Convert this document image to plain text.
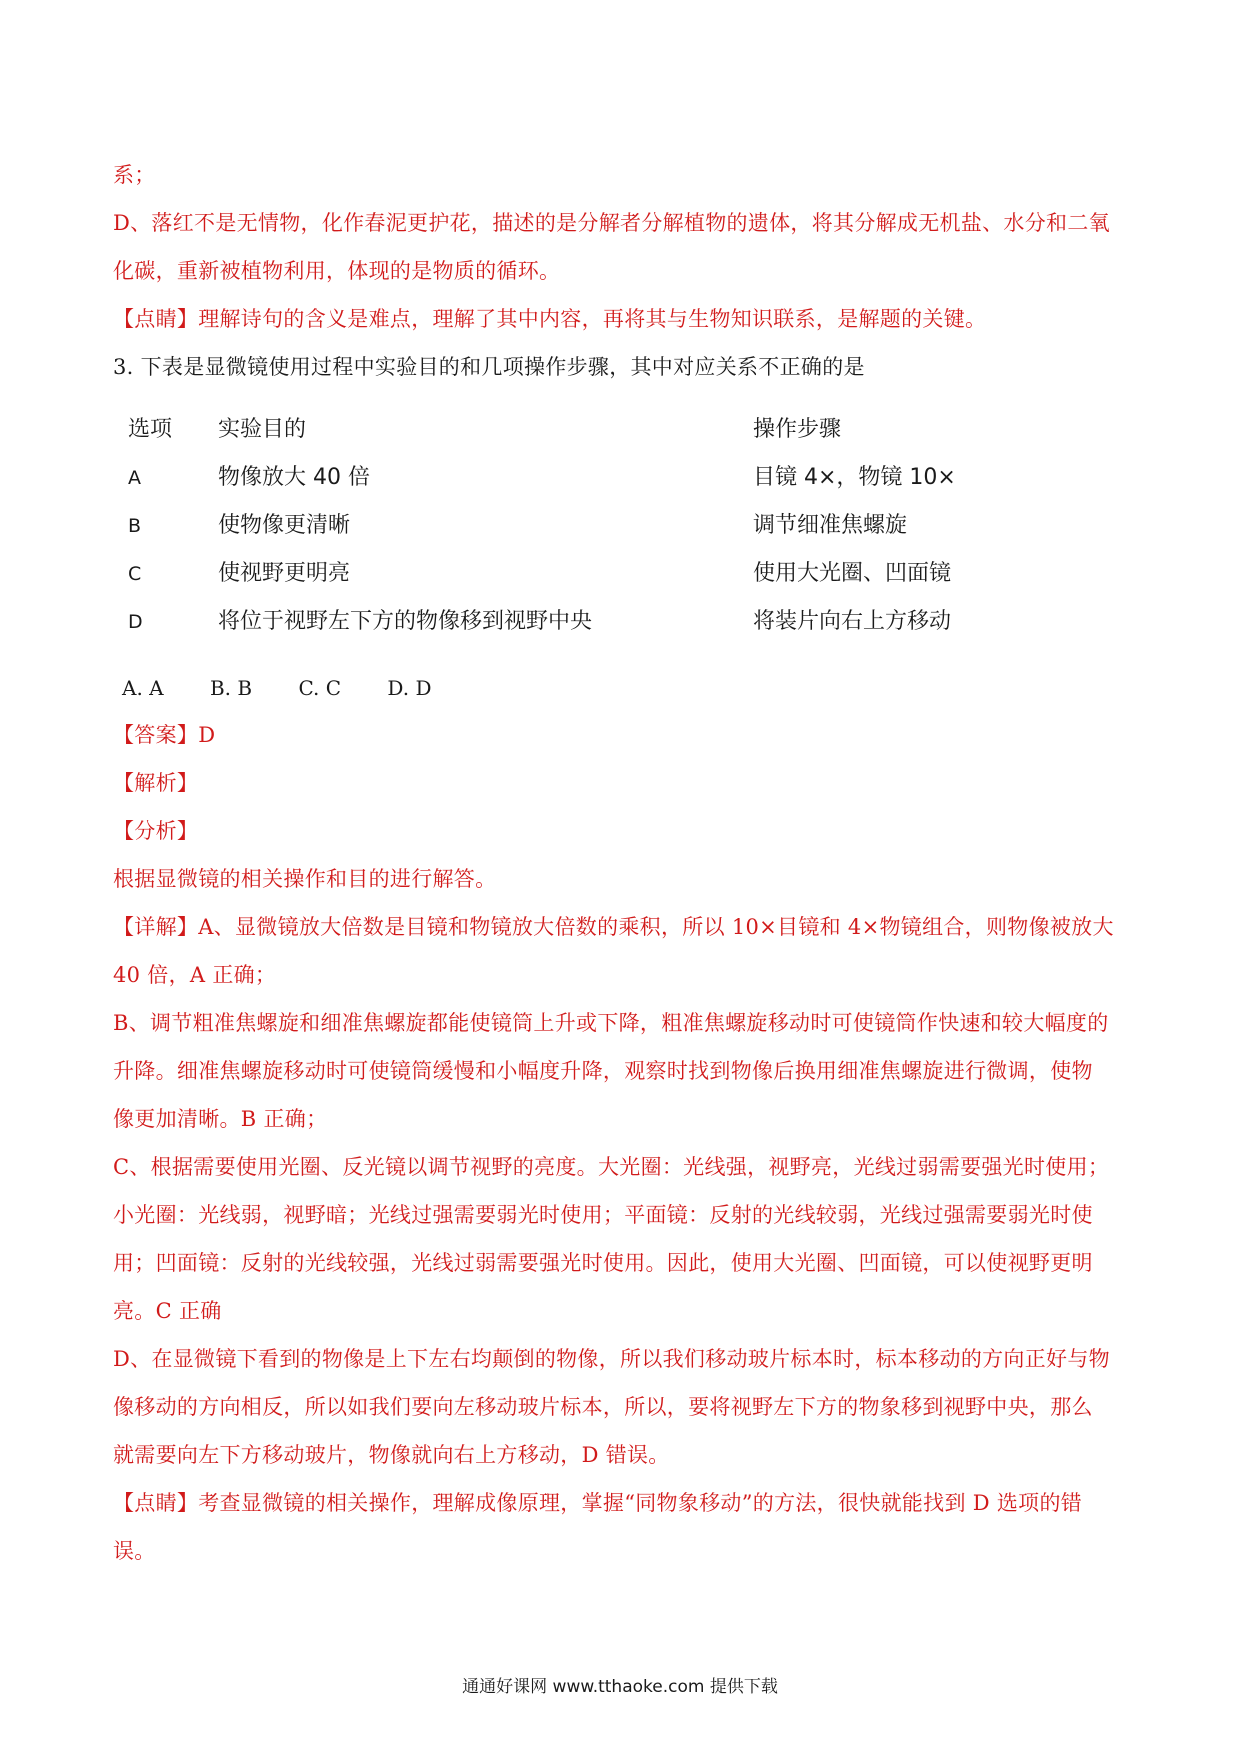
系；
D、落红不是无情物，化作春泥更护花，描述的是分解者分解植物的遗体，将其分解成无机盐、水分和二氧
化碳，重新被植物利用，体现的是物质的循环。
【点睛】理解诗句的含义是难点，理解了其中内容，再将其与生物知识联系，是解题的关键。
3. 下表是显微镜使用过程中实验目的和几项操作步骤，其中对应关系不正确的是
选项 实验目的	操作步骤
A	物像放大 40 倍	目镜 4×，物镜 10×
B	使物像更清晰	调节细准焦螺旋
C	使视野更明亮	使用大光圈、凹面镜
D	将位于视野左下方的物像移到视野中央	将装片向右上方移动
A. A B. B C. C D. D
【答案】D
【解析】
【分析】
根据显微镜的相关操作和目的进行解答。
【详解】A、显微镜放大倍数是目镜和物镜放大倍数的乘积，所以 10×目镜和 4×物镜组合，则物像被放大
40 倍，A 正确；
B、调节粗准焦螺旋和细准焦螺旋都能使镜筒上升或下降，粗准焦螺旋移动时可使镜筒作快速和较大幅度的
升降。细准焦螺旋移动时可使镜筒缓慢和小幅度升降，观察时找到物像后换用细准焦螺旋进行微调，使物
像更加清晰。B 正确；
C、根据需要使用光圈、反光镜以调节视野的亮度。大光圈：光线强，视野亮，光线过弱需要强光时使用；
小光圈：光线弱，视野暗；光线过强需要弱光时使用；平面镜：反射的光线较弱，光线过强需要弱光时使
用；凹面镜：反射的光线较强，光线过弱需要强光时使用。因此，使用大光圈、凹面镜，可以使视野更明
亮。C 正确
D、在显微镜下看到的物像是上下左右均颠倒的物像，所以我们移动玻片标本时，标本移动的方向正好与物
像移动的方向相反，所以如我们要向左移动玻片标本，所以，要将视野左下方的物象移到视野中央，那么
就需要向左下方移动玻片，物像就向右上方移动，D 错误。
【点睛】考查显微镜的相关操作，理解成像原理，掌握“同物象移动”的方法，很快就能找到 D 选项的错
误。
通通好课网 www.tthaoke.com 提供下载
